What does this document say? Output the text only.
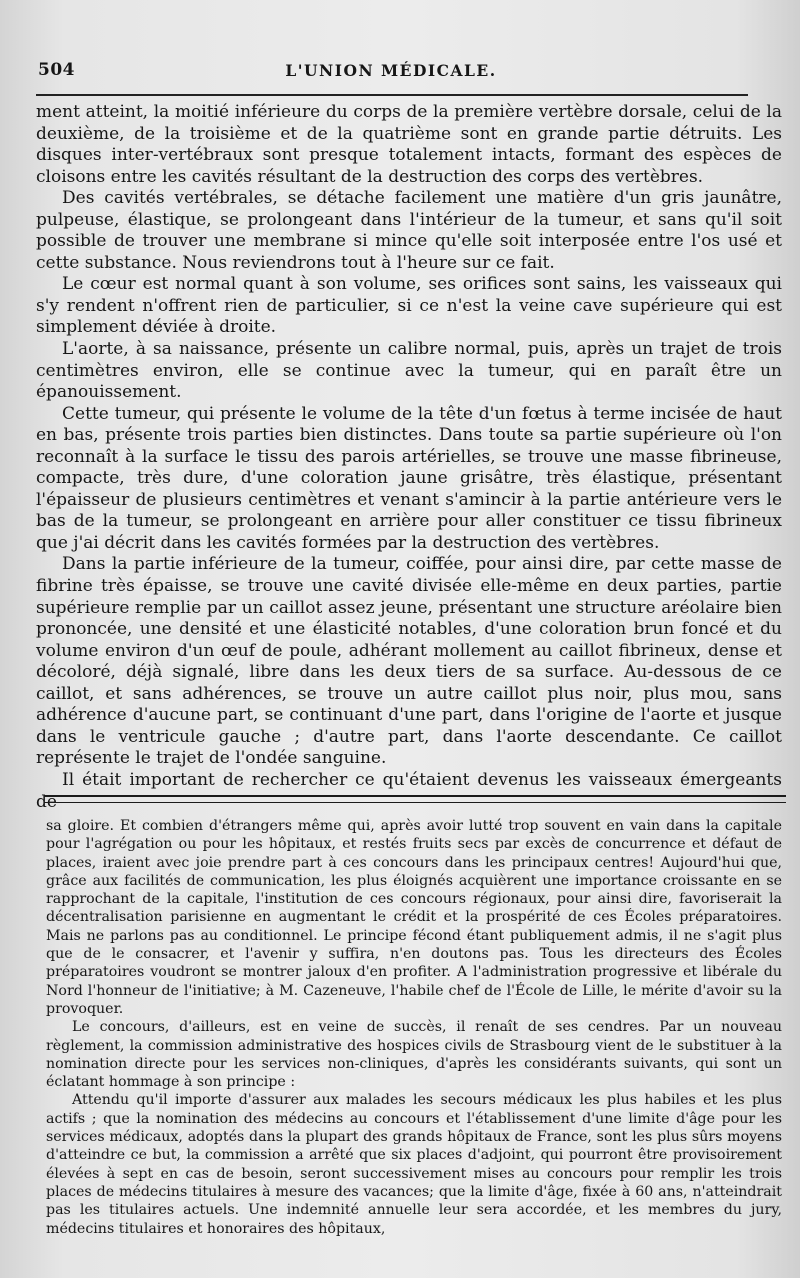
504	L'UNION MÉDICALE.

ment atteint, la moitié inférieure du corps de la première vertèbre dorsale, celui de la deuxième, de la troisième et de la quatrième sont en grande partie détruits. Les disques inter-vertébraux sont presque totalement intacts, formant des espèces de cloisons entre les cavités résultant de la destruction des corps des vertèbres.

Des cavités vertébrales, se détache facilement une matière d'un gris jaunâtre, pulpeuse, élastique, se prolongeant dans l'intérieur de la tumeur, et sans qu'il soit possible de trouver une membrane si mince qu'elle soit interposée entre l'os usé et cette substance. Nous reviendrons tout à l'heure sur ce fait.

Le cœur est normal quant à son volume, ses orifices sont sains, les vaisseaux qui s'y rendent n'offrent rien de particulier, si ce n'est la veine cave supérieure qui est simplement déviée à droite.

L'aorte, à sa naissance, présente un calibre normal, puis, après un trajet de trois centimètres environ, elle se continue avec la tumeur, qui en paraît être un épanouissement.

Cette tumeur, qui présente le volume de la tête d'un fœtus à terme incisée de haut en bas, présente trois parties bien distinctes. Dans toute sa partie supérieure où l'on reconnaît à la surface le tissu des parois artérielles, se trouve une masse fibrineuse, compacte, très dure, d'une coloration jaune grisâtre, très élastique, présentant l'épaisseur de plusieurs centimètres et venant s'amincir à la partie antérieure vers le bas de la tumeur, se prolongeant en arrière pour aller constituer ce tissu fibrineux que j'ai décrit dans les cavités formées par la destruction des vertèbres.

Dans la partie inférieure de la tumeur, coiffée, pour ainsi dire, par cette masse de fibrine très épaisse, se trouve une cavité divisée elle-même en deux parties, partie supérieure remplie par un caillot assez jeune, présentant une structure aréolaire bien prononcée, une densité et une élasticité notables, d'une coloration brun foncé et du volume environ d'un œuf de poule, adhérant mollement au caillot fibrineux, dense et décoloré, déjà signalé, libre dans les deux tiers de sa surface. Au-dessous de ce caillot, et sans adhérences, se trouve un autre caillot plus noir, plus mou, sans adhérence d'aucune part, se continuant d'une part, dans l'origine de l'aorte et jusque dans le ventricule gauche ; d'autre part, dans l'aorte descendante. Ce caillot représente le trajet de l'ondée sanguine.

Il était important de rechercher ce qu'étaient devenus les vaisseaux émergeants de

sa gloire. Et combien d'étrangers même qui, après avoir lutté trop souvent en vain dans la capitale pour l'agrégation ou pour les hôpitaux, et restés fruits secs par excès de concurrence et défaut de places, iraient avec joie prendre part à ces concours dans les principaux centres! Aujourd'hui que, grâce aux facilités de communication, les plus éloignés acquièrent une importance croissante en se rapprochant de la capitale, l'institution de ces concours régionaux, pour ainsi dire, favoriserait la décentralisation parisienne en augmentant le crédit et la prospérité de ces Écoles préparatoires. Mais ne parlons pas au conditionnel. Le principe fécond étant publiquement admis, il ne s'agit plus que de le consacrer, et l'avenir y suffira, n'en doutons pas. Tous les directeurs des Écoles préparatoires voudront se montrer jaloux d'en profiter. A l'administration progressive et libérale du Nord l'honneur de l'initiative; à M. Cazeneuve, l'habile chef de l'École de Lille, le mérite d'avoir su la provoquer.

Le concours, d'ailleurs, est en veine de succès, il renaît de ses cendres. Par un nouveau règlement, la commission administrative des hospices civils de Strasbourg vient de le substituer à la nomination directe pour les services non-cliniques, d'après les considérants suivants, qui sont un éclatant hommage à son principe :

Attendu qu'il importe d'assurer aux malades les secours médicaux les plus habiles et les plus actifs ; que la nomination des médecins au concours et l'établissement d'une limite d'âge pour les services médicaux, adoptés dans la plupart des grands hôpitaux de France, sont les plus sûrs moyens d'atteindre ce but, la commission a arrêté que six places d'adjoint, qui pourront être provisoirement élevées à sept en cas de besoin, seront successivement mises au concours pour remplir les trois places de médecins titulaires à mesure des vacances; que la limite d'âge, fixée à 60 ans, n'atteindrait pas les titulaires actuels. Une indemnité annuelle leur sera accordée, et les membres du jury, médecins titulaires et honoraires des hôpitaux,
